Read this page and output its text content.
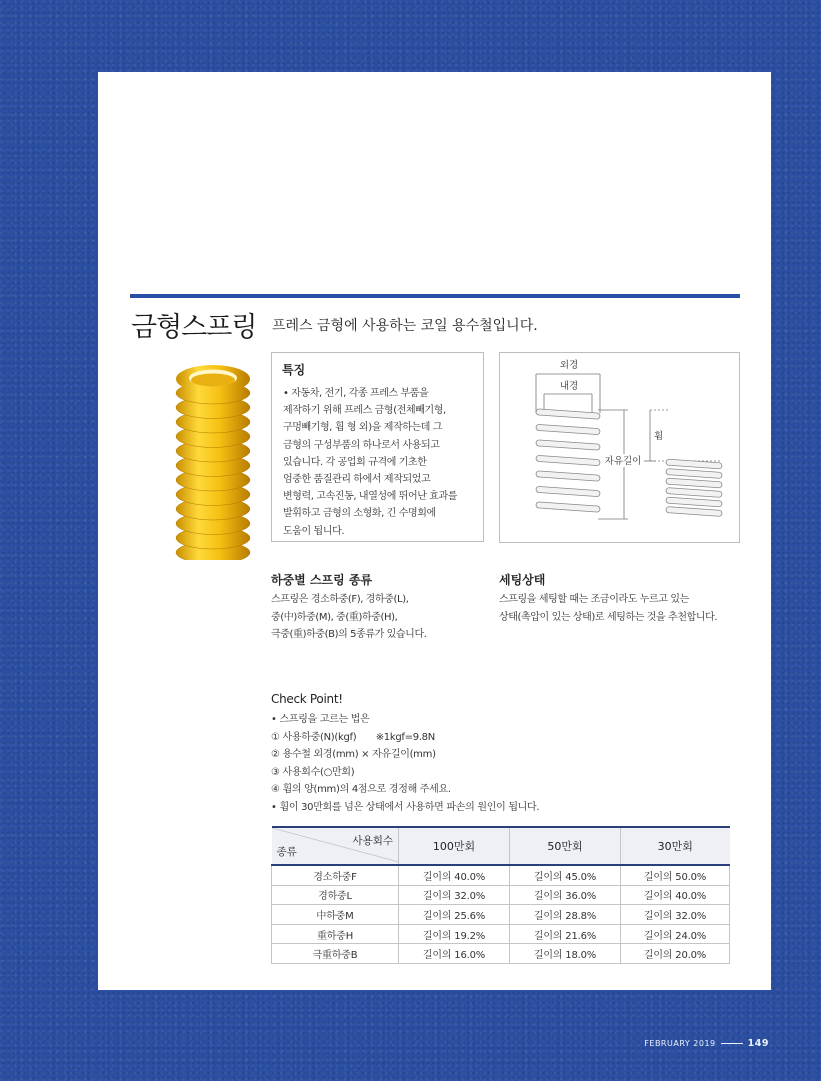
금형스프링 프레스 금형에 사용하는 코일 용수철입니다.
특징

• 자동차, 전기, 각종 프레스 부품을

제작하기 위해 프레스 금형(전체빼기형,

구멍빼기형, 휨 형 외)을 제작하는데 그

금형의 구성부품의 하나로서 사용되고

있습니다. 각 공업회 규격에 기초한

엄중한 품질관리 하에서 제작되었고

변형력, 고속진동, 내열성에 뛰어난 효과를

발휘하고 금형의 소형화, 긴 수명회에

도움이 됩니다.

외경
내경
휨
자유길이
하중별 스프링 종류
스프링은 경소하중(F), 경하중(L),
중(中)하중(M), 중(重)하중(H),
극중(重)하중(B)의 5종류가 있습니다.
세팅상태
스프링을 세팅할 때는 조금이라도 누르고 있는
상태(촉압이 있는 상태)로 세팅하는 것을 추천합니다.
Check Point!
• 스프링을 고르는 법은
① 사용하중(N)(kgf)　　※1kgf=9.8N
② 용수철 외경(mm) × 자유길이(mm)
③ 사용회수(○만회)
④ 휨의 양(mm)의 4점으로 경정해 주세요.
• 휨이 30만회를 넘은 상태에서 사용하면 파손의 원인이 됩니다.
사용회수
종류	100만회	50만회	30만회
경소하중F	길이의 40.0%	길이의 45.0%	길이의 50.0%
경하중L	길이의 32.0%	길이의 36.0%	길이의 40.0%
中하중M	길이의 25.6%	길이의 28.8%	길이의 32.0%
重하중H	길이의 19.2%	길이의 21.6%	길이의 24.0%
극重하중B	길이의 16.0%	길이의 18.0%	길이의 20.0%
FEBRUARY 2019	149
